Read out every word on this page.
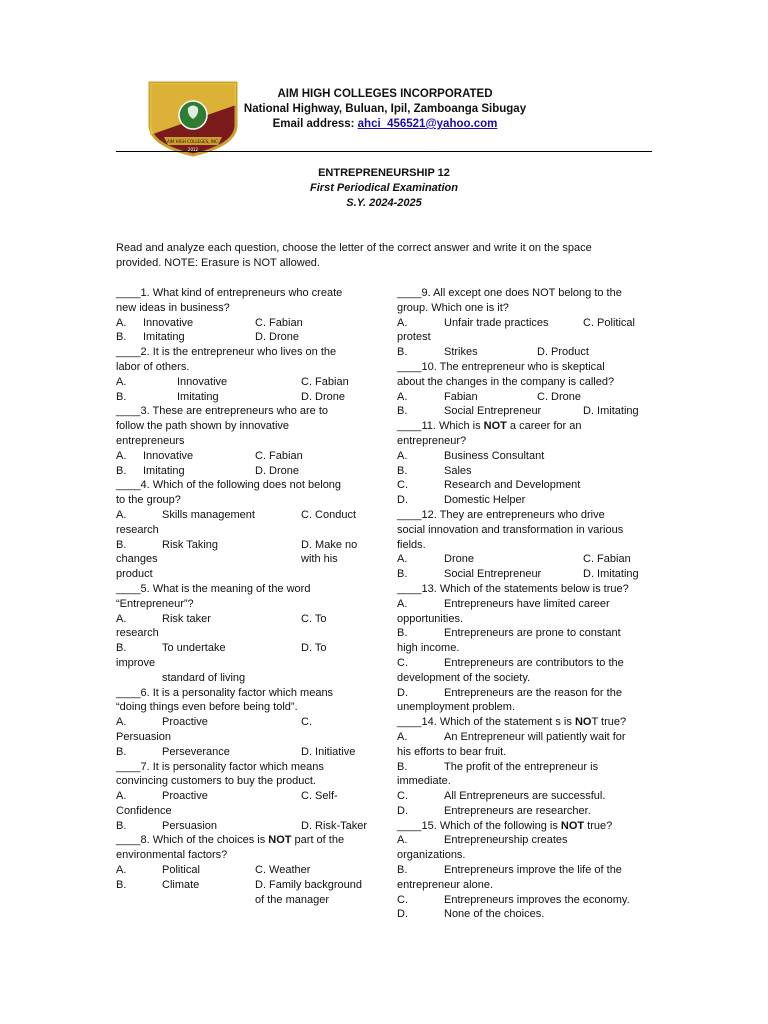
AIM HIGH COLLEGES, INC.
2012
AIM HIGH COLLEGES INCORPORATED
National Highway, Buluan, Ipil, Zamboanga Sibugay
Email address: ahci_456521@yahoo.com
ENTREPRENEURSHIP 12
First Periodical Examination
S.Y. 2024-2025
Read and analyze each question, choose the letter of the correct answer and write it on the space
provided. NOTE: Erasure is NOT allowed.
____1. What kind of entrepreneurs who create
new ideas in business?
A. Innovative	C. Fabian
B. Imitating	D. Drone
____2. It is the entrepreneur who lives on the
labor of others.
A.	Innovative	C. Fabian
B.	Imitating	D. Drone
____3. These are entrepreneurs who are to
follow the path shown by innovative
entrepreneurs
A. Innovative	C. Fabian
B. Imitating	D. Drone
____4. Which of the following does not belong
to the group?
A.	Skills management	C. Conduct
research
B.	Risk Taking	D. Make no
changes	with his
product
____5. What is the meaning of the word
“Entrepreneur”?
A.	Risk taker	C. To
research
B.	To undertake	D. To
improve
standard of living
____6. It is a personality factor which means
“doing things even before being told”.
A.	Proactive	C.
Persuasion
B.	Perseverance	D. Initiative
____7. It is personality factor which means
convincing customers to buy the product.
A.	Proactive	C. Self-
Confidence
B.	Persuasion	D. Risk-Taker
____8. Which of the choices is NOT part of the
environmental factors?
A.	Political	C. Weather
B.	Climate	D. Family background
of the manager
____9. All except one does NOT belong to the
group. Which one is it?
A.	Unfair trade practices	C. Political
protest
B.	Strikes	D. Product
____10. The entrepreneur who is skeptical
about the changes in the company is called?
A.	Fabian	C. Drone
B.	Social Entrepreneur	D. Imitating
____11. Which is NOT a career for an
entrepreneur?
A.	Business Consultant
B.	Sales
C.	Research and Development
D.	Domestic Helper
____12. They are entrepreneurs who drive
social innovation and transformation in various
fields.
A.	Drone	C. Fabian
B.	Social Entrepreneur	D. Imitating
____13. Which of the statements below is true?
A.	Entrepreneurs have limited career
opportunities.
B.	Entrepreneurs are prone to constant
high income.
C.	Entrepreneurs are contributors to the
development of the society.
D.	Entrepreneurs are the reason for the
unemployment problem.
____14. Which of the statement s is NOT true?
A.	An Entrepreneur will patiently wait for
his efforts to bear fruit.
B.	The profit of the entrepreneur is
immediate.
C.	All Entrepreneurs are successful.
D.	Entrepreneurs are researcher.
____15. Which of the following is NOT true?
A.	Entrepreneurship creates
organizations.
B.	Entrepreneurs improve the life of the
entrepreneur alone.
C.	Entrepreneurs improves the economy.
D.	None of the choices.
